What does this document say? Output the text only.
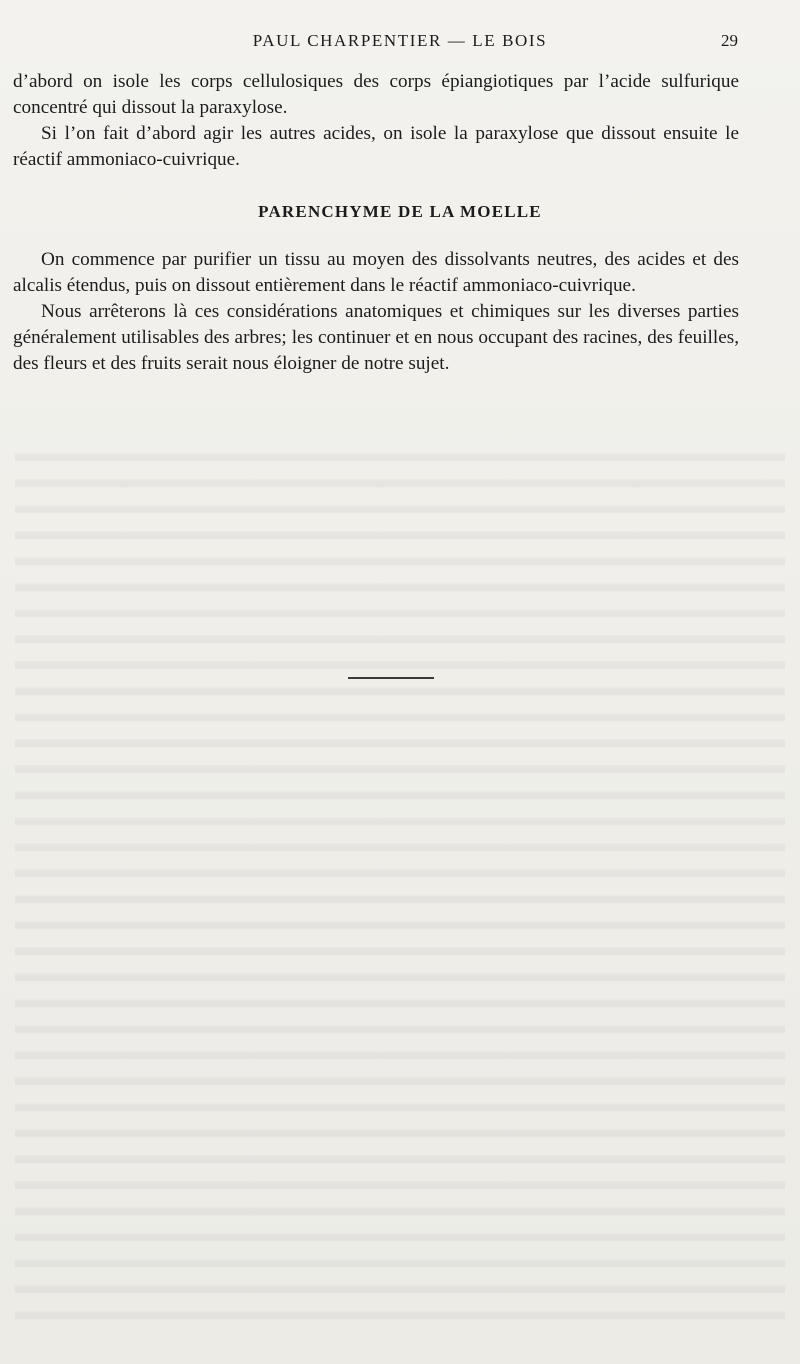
PAUL CHARPENTIER — LE BOIS	29

d’abord on isole les corps cellulosiques des corps épiangiotiques par l’acide sulfurique concentré qui dissout la paraxylose.

Si l’on fait d’abord agir les autres acides, on isole la paraxylose que dissout ensuite le réactif ammoniaco-cuivrique.

PARENCHYME DE LA MOELLE

On commence par purifier un tissu au moyen des dissolvants neutres, des acides et des alcalis étendus, puis on dissout entièrement dans le réactif ammoniaco-cuivrique.

Nous arrêterons là ces considérations anatomiques et chimiques sur les diverses parties généralement utilisables des arbres; les continuer et en nous occupant des racines, des feuilles, des fleurs et des fruits serait nous éloigner de notre sujet.
